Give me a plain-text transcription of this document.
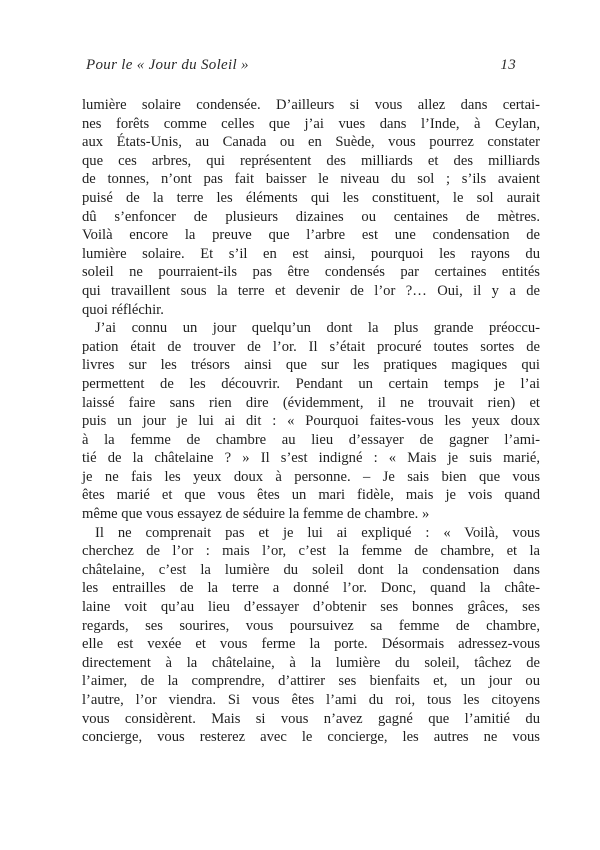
Pour le « Jour du Soleil »	13
lumière solaire condensée. D’ailleurs si vous allez dans certai-
nes forêts comme celles que j’ai vues dans l’Inde, à Ceylan,
aux États-Unis, au Canada ou en Suède, vous pourrez constater
que ces arbres, qui représentent des milliards et des milliards
de tonnes, n’ont pas fait baisser le niveau du sol ; s’ils avaient
puisé de la terre les éléments qui les constituent, le sol aurait
dû s’enfoncer de plusieurs dizaines ou centaines de mètres.
Voilà encore la preuve que l’arbre est une condensation de
lumière solaire. Et s’il en est ainsi, pourquoi les rayons du
soleil ne pourraient-ils pas être condensés par certaines entités
qui travaillent sous la terre et devenir de l’or ?… Oui, il y a de
quoi réfléchir.
J’ai connu un jour quelqu’un dont la plus grande préoccu-
pation était de trouver de l’or. Il s’était procuré toutes sortes de
livres sur les trésors ainsi que sur les pratiques magiques qui
permettent de les découvrir. Pendant un certain temps je l’ai
laissé faire sans rien dire (évidemment, il ne trouvait rien) et
puis un jour je lui ai dit : « Pourquoi faites-vous les yeux doux
à la femme de chambre au lieu d’essayer de gagner l’ami-
tié de la châtelaine ? » Il s’est indigné : « Mais je suis marié,
je ne fais les yeux doux à personne. – Je sais bien que vous
êtes marié et que vous êtes un mari fidèle, mais je vois quand
même que vous essayez de séduire la femme de chambre. »
Il ne comprenait pas et je lui ai expliqué : « Voilà, vous
cherchez de l’or : mais l’or, c’est la femme de chambre, et la
châtelaine, c’est la lumière du soleil dont la condensation dans
les entrailles de la terre a donné l’or. Donc, quand la châte-
laine voit qu’au lieu d’essayer d’obtenir ses bonnes grâces, ses
regards, ses sourires, vous poursuivez sa femme de chambre,
elle est vexée et vous ferme la porte. Désormais adressez-vous
directement à la châtelaine, à la lumière du soleil, tâchez de
l’aimer, de la comprendre, d’attirer ses bienfaits et, un jour ou
l’autre, l’or viendra. Si vous êtes l’ami du roi, tous les citoyens
vous considèrent. Mais si vous n’avez gagné que l’amitié du
concierge, vous resterez avec le concierge, les autres ne vous
